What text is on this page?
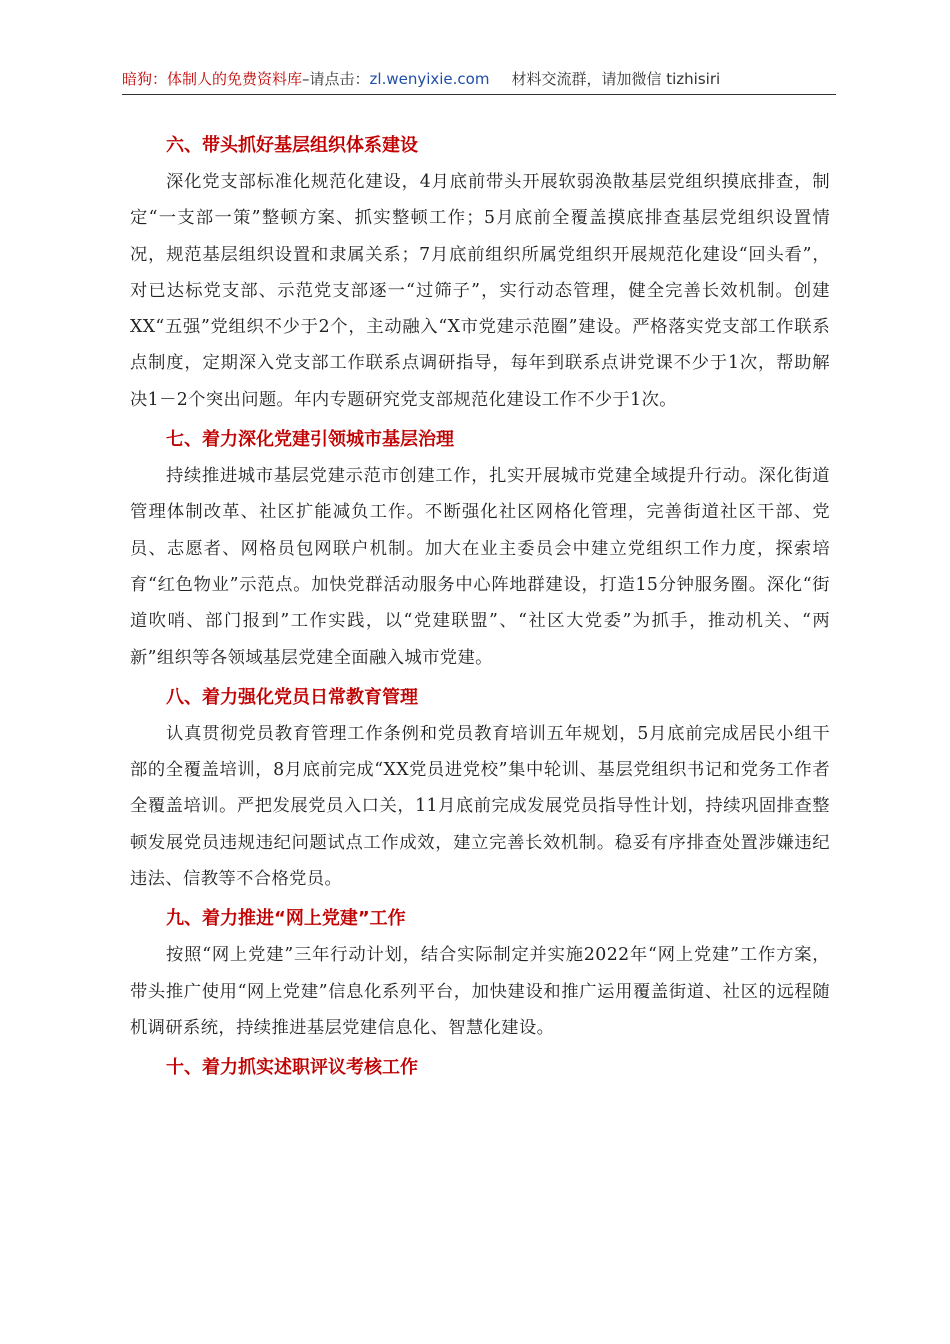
暗狗：体制人的免费资料库–请点击：zl.wenyixie.com 材料交流群，请加微信 tizhisiri
六、带头抓好基层组织体系建设

深化党支部标准化规范化建设，4月底前带头开展软弱涣散基层党组织摸底排查，制定“一支部一策”整顿方案、抓实整顿工作；5月底前全覆盖摸底排查基层党组织设置情况，规范基层组织设置和隶属关系；7月底前组织所属党组织开展规范化建设“回头看”，对已达标党支部、示范党支部逐一“过筛子”，实行动态管理，健全完善长效机制。创建XX“五强”党组织不少于2个，主动融入“X市党建示范圈”建设。严格落实党支部工作联系点制度，定期深入党支部工作联系点调研指导，每年到联系点讲党课不少于1次，帮助解决1－2个突出问题。年内专题研究党支部规范化建设工作不少于1次。

七、着力深化党建引领城市基层治理

持续推进城市基层党建示范市创建工作，扎实开展城市党建全域提升行动。深化街道管理体制改革、社区扩能减负工作。不断强化社区网格化管理，完善街道社区干部、党员、志愿者、网格员包网联户机制。加大在业主委员会中建立党组织工作力度，探索培育“红色物业”示范点。加快党群活动服务中心阵地群建设，打造15分钟服务圈。深化“街道吹哨、部门报到”工作实践，以“党建联盟”、“社区大党委”为抓手，推动机关、“两新”组织等各领域基层党建全面融入城市党建。

八、着力强化党员日常教育管理

认真贯彻党员教育管理工作条例和党员教育培训五年规划，5月底前完成居民小组干部的全覆盖培训，8月底前完成“XX党员进党校”集中轮训、基层党组织书记和党务工作者全覆盖培训。严把发展党员入口关，11月底前完成发展党员指导性计划，持续巩固排查整顿发展党员违规违纪问题试点工作成效，建立完善长效机制。稳妥有序排查处置涉嫌违纪违法、信教等不合格党员。

九、着力推进“网上党建”工作

按照“网上党建”三年行动计划，结合实际制定并实施2022年“网上党建”工作方案，带头推广使用“网上党建”信息化系列平台，加快建设和推广运用覆盖街道、社区的远程随机调研系统，持续推进基层党建信息化、智慧化建设。

十、着力抓实述职评议考核工作
